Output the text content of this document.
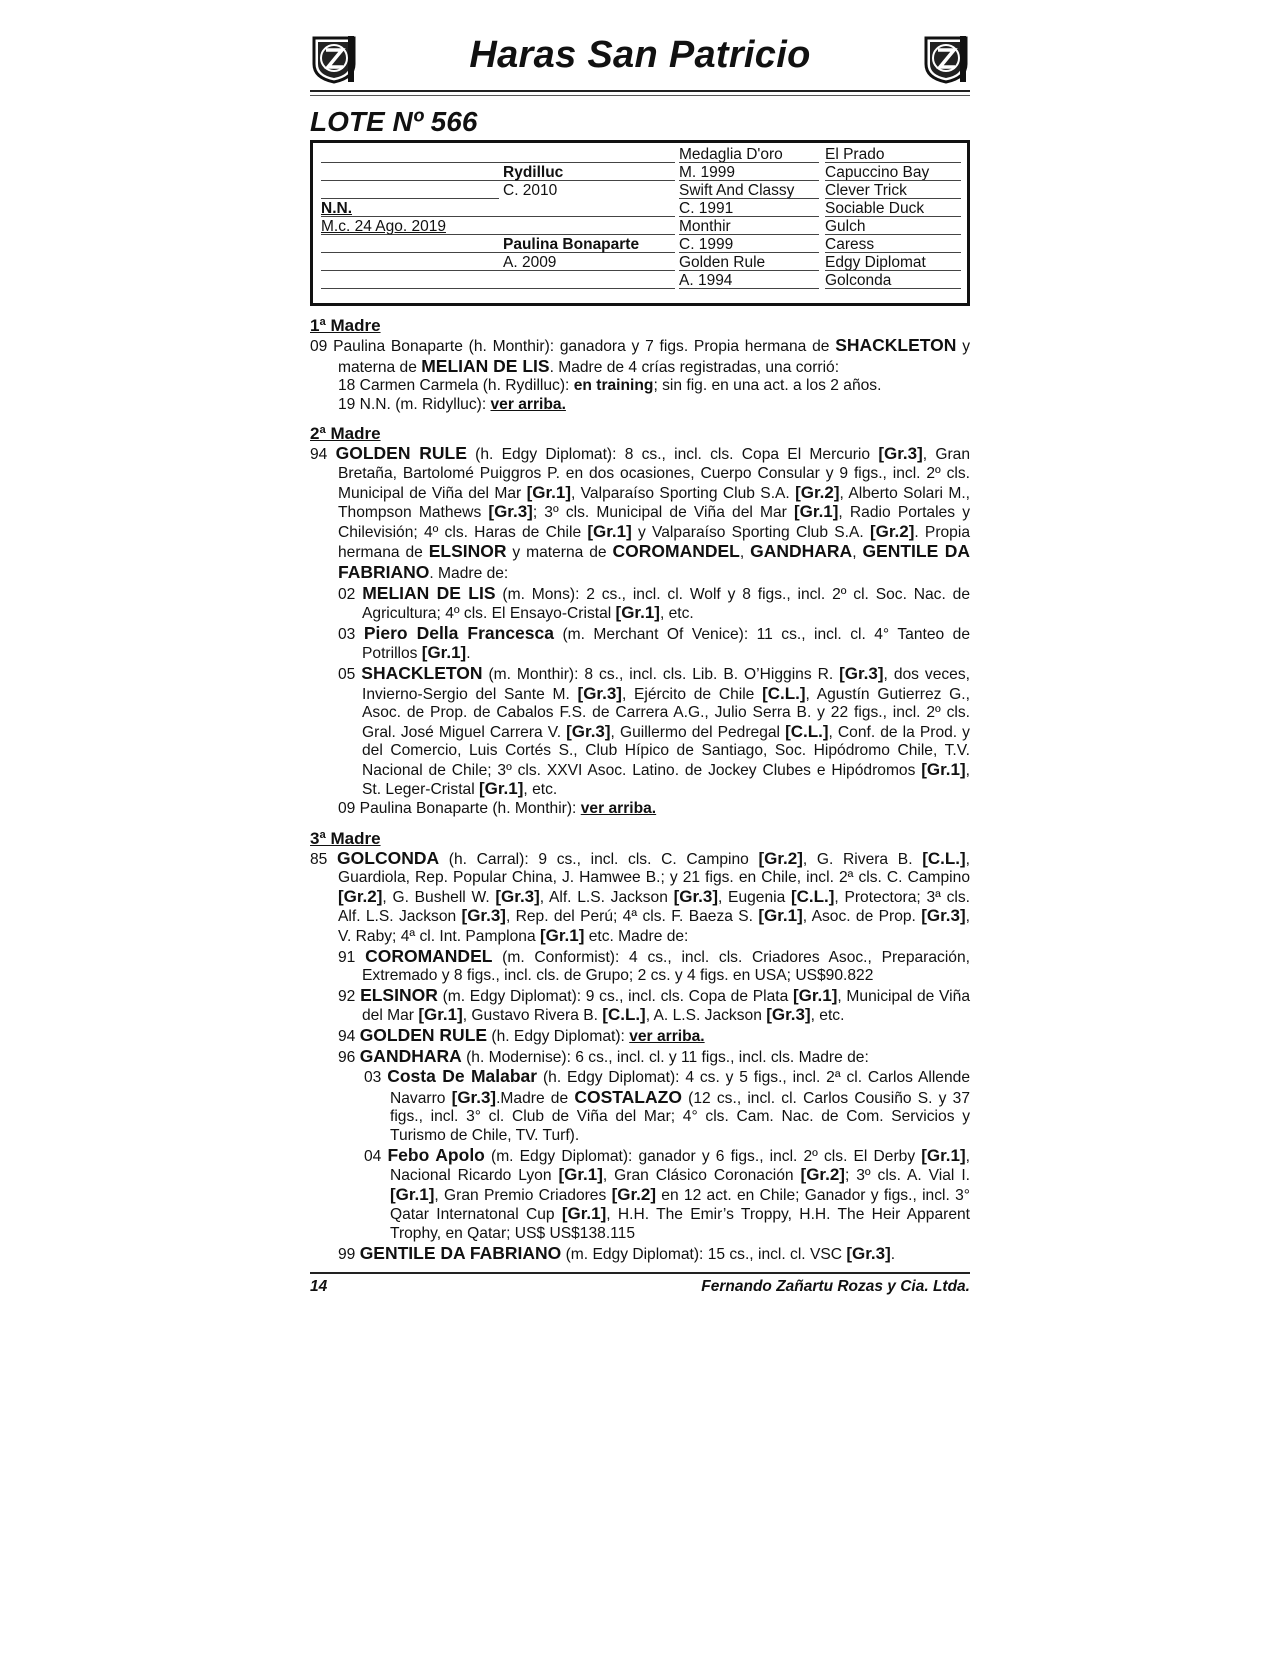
Haras San Patricio
LOTE Nº 566
N.N.
M.c. 24 Ago. 2019
Rydilluc
C. 2010
Paulina Bonaparte
A. 2009
Medaglia D'oro
M. 1999
Swift And Classy
C. 1991
Monthir
C. 1999
Golden Rule
A. 1994
El Prado
Capuccino Bay
Clever Trick
Sociable Duck
Gulch
Caress
Edgy Diplomat
Golconda
1ª Madre
09 Paulina Bonaparte (h. Monthir): ganadora y 7 figs. Propia hermana de SHACKLETON y materna de MELIAN DE LIS. Madre de 4 crías registradas, una corrió:
18 Carmen Carmela (h. Rydilluc): en training; sin fig. en una act. a los 2 años.
19 N.N. (m. Ridylluc): ver arriba.
2ª Madre
94 GOLDEN RULE (h. Edgy Diplomat): 8 cs., incl. cls. Copa El Mercurio [Gr.3], Gran Bretaña, Bartolomé Puiggros P. en dos ocasiones, Cuerpo Consular y 9 figs., incl. 2º cls. Municipal de Viña del Mar [Gr.1], Valparaíso Sporting Club S.A. [Gr.2], Alberto Solari M., Thompson Mathews [Gr.3]; 3º cls. Municipal de Viña del Mar [Gr.1], Radio Portales y Chilevisión; 4º cls. Haras de Chile [Gr.1] y Valparaíso Sporting Club S.A. [Gr.2]. Propia hermana de ELSINOR y materna de COROMANDEL, GANDHARA, GENTILE DA FABRIANO. Madre de:
02 MELIAN DE LIS (m. Mons): 2 cs., incl. cl. Wolf y 8 figs., incl. 2º cl. Soc. Nac. de Agricultura; 4º cls. El Ensayo-Cristal [Gr.1], etc.
03 Piero Della Francesca (m. Merchant Of Venice): 11 cs., incl. cl. 4° Tanteo de Potrillos [Gr.1].
05 SHACKLETON (m. Monthir): 8 cs., incl. cls. Lib. B. O’Higgins R. [Gr.3], dos veces, Invierno-Sergio del Sante M. [Gr.3], Ejército de Chile [C.L.], Agustín Gutierrez G., Asoc. de Prop. de Cabalos F.S. de Carrera A.G., Julio Serra B. y 22 figs., incl. 2º cls. Gral. José Miguel Carrera V. [Gr.3], Guillermo del Pedregal [C.L.], Conf. de la Prod. y del Comercio, Luis Cortés S., Club Hípico de Santiago, Soc. Hipódromo Chile, T.V. Nacional de Chile; 3º cls. XXVI Asoc. Latino. de Jockey Clubes e Hipódromos [Gr.1], St. Leger-Cristal [Gr.1], etc.
09 Paulina Bonaparte (h. Monthir): ver arriba.
3ª Madre
85 GOLCONDA (h. Carral): 9 cs., incl. cls. C. Campino [Gr.2], G. Rivera B. [C.L.], Guardiola, Rep. Popular China, J. Hamwee B.; y 21 figs. en Chile, incl. 2ª cls. C. Campino [Gr.2], G. Bushell W. [Gr.3], Alf. L.S. Jackson [Gr.3], Eugenia [C.L.], Protectora; 3ª cls. Alf. L.S. Jackson [Gr.3], Rep. del Perú; 4ª cls. F. Baeza S. [Gr.1], Asoc. de Prop. [Gr.3], V. Raby; 4ª cl. Int. Pamplona [Gr.1] etc. Madre de:
91 COROMANDEL (m. Conformist): 4 cs., incl. cls. Criadores Asoc., Preparación, Extremado y 8 figs., incl. cls. de Grupo; 2 cs. y 4 figs. en USA; US$90.822
92 ELSINOR (m. Edgy Diplomat): 9 cs., incl. cls. Copa de Plata [Gr.1], Municipal de Viña del Mar [Gr.1], Gustavo Rivera B. [C.L.], A. L.S. Jackson [Gr.3], etc.
94 GOLDEN RULE (h. Edgy Diplomat): ver arriba.
96 GANDHARA (h. Modernise): 6 cs., incl. cl. y 11 figs., incl. cls. Madre de:
03 Costa De Malabar (h. Edgy Diplomat): 4 cs. y 5 figs., incl. 2ª cl. Carlos Allende Navarro [Gr.3].Madre de COSTALAZO (12 cs., incl. cl. Carlos Cousiño S. y 37 figs., incl. 3° cl. Club de Viña del Mar; 4° cls. Cam. Nac. de Com. Servicios y Turismo de Chile, TV. Turf).
04 Febo Apolo (m. Edgy Diplomat): ganador y 6 figs., incl. 2º cls. El Derby [Gr.1], Nacional Ricardo Lyon [Gr.1], Gran Clásico Coronación [Gr.2]; 3º cls. A. Vial I. [Gr.1], Gran Premio Criadores [Gr.2] en 12 act. en Chile; Ganador y figs., incl. 3° Qatar Internatonal Cup [Gr.1], H.H. The Emir’s Troppy, H.H. The Heir Apparent Trophy, en Qatar; US$ US$138.115
99 GENTILE DA FABRIANO (m. Edgy Diplomat): 15 cs., incl. cl. VSC [Gr.3].
14	Fernando Zañartu Rozas y Cia. Ltda.
